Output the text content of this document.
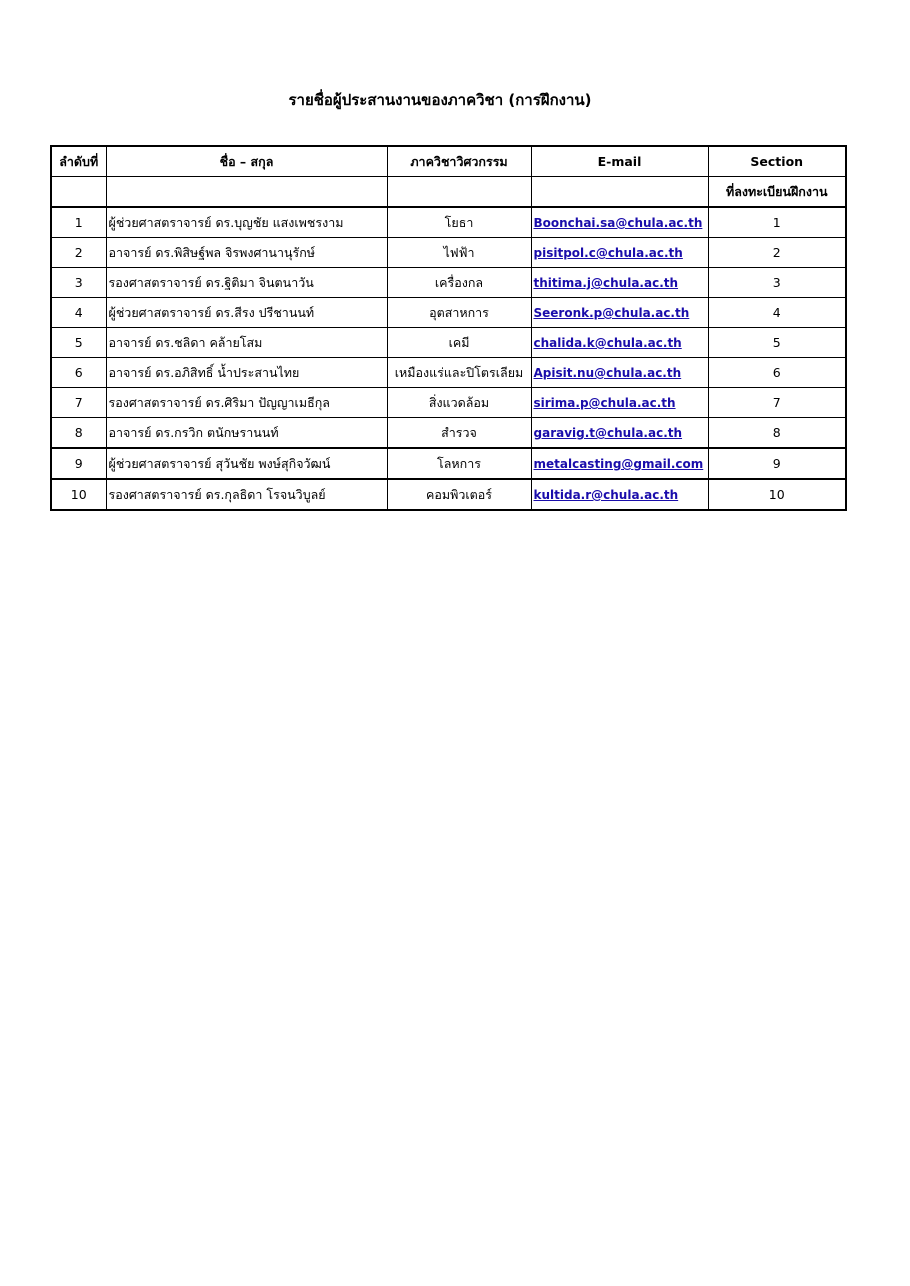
รายชื่อผู้ประสานงานของภาควิชา (การฝึกงาน)
ลำดับที่	ชื่อ – สกุล	ภาควิชาวิศวกรรม	E-mail	Section
				ที่ลงทะเบียนฝึกงาน
1	ผู้ช่วยศาสตราจารย์ ดร.บุญชัย แสงเพชรงาม	โยธา	Boonchai.sa@chula.ac.th	1
2	อาจารย์ ดร.พิสิษฐ์พล จิรพงศานานุรักษ์	ไฟฟ้า	pisitpol.c@chula.ac.th	2
3	รองศาสตราจารย์ ดร.ฐิติมา จินตนาวัน	เครื่องกล	thitima.j@chula.ac.th	3
4	ผู้ช่วยศาสตราจารย์ ดร.สีรง ปรีชานนท์	อุตสาหการ	Seeronk.p@chula.ac.th	4
5	อาจารย์ ดร.ชลิดา คล้ายโสม	เคมี	chalida.k@chula.ac.th	5
6	อาจารย์ ดร.อภิสิทธิ์ น้ำประสานไทย	เหมืองแร่และปิโตรเลียม	Apisit.nu@chula.ac.th	6
7	รองศาสตราจารย์ ดร.ศิริมา ปัญญาเมธีกุล	สิ่งแวดล้อม	sirima.p@chula.ac.th	7
8	อาจารย์ ดร.กรวิก ตนักษรานนท์	สำรวจ	garavig.t@chula.ac.th	8
9	ผู้ช่วยศาสตราจารย์ สุวันชัย พงษ์สุกิจวัฒน์	โลหการ	metalcasting@gmail.com	9
10	รองศาสตราจารย์ ดร.กุลธิดา โรจนวิบูลย์	คอมพิวเตอร์	kultida.r@chula.ac.th	10
